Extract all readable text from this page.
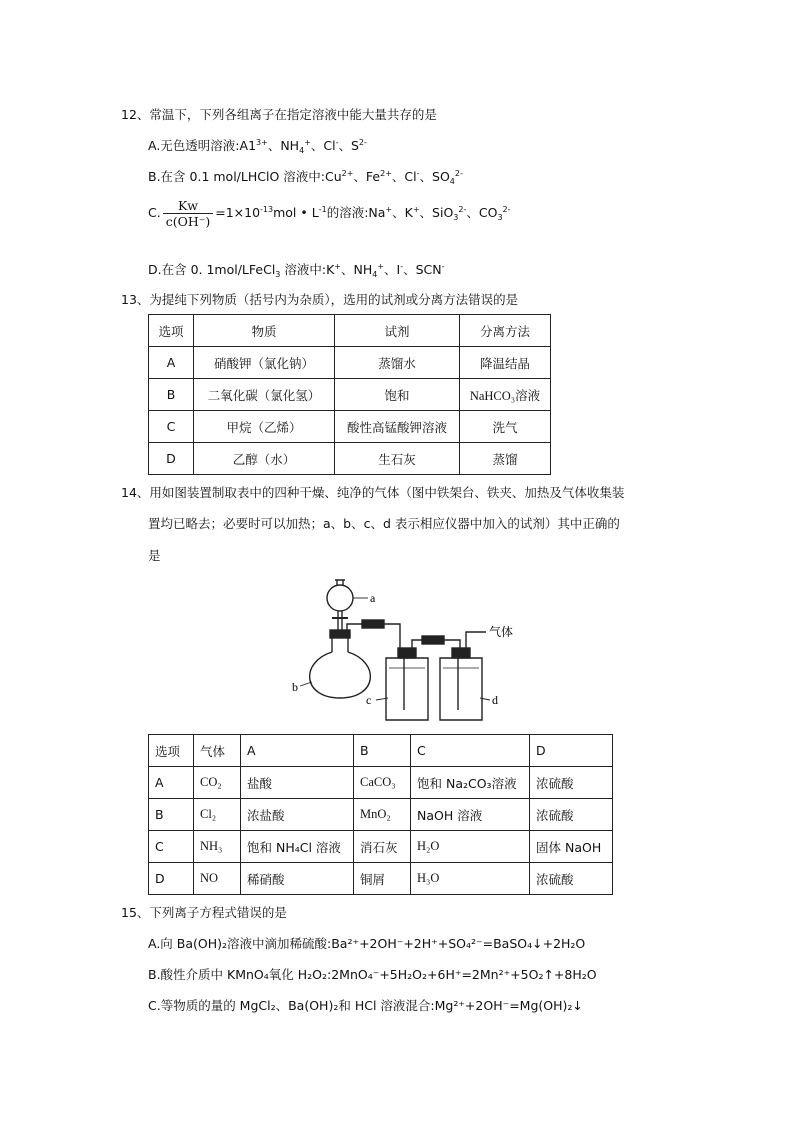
12、常温下，下列各组离子在指定溶液中能大量共存的是
A.无色透明溶液$:A1^{3+}$、$NH_4^+$、Cl-、$S^{2-}$
B.在含 0.1 mol/LHClO 溶液中$:Cu^{2+}$、$Fe^{2+}$、Cl-、$SO_4^{2-}$
C. $\frac{Kw}{c(OH^-)} =1\times 10^{-13}mol$ • $L^{-1}$的溶液:Na+、K+、SiO$_3^{2-}$、$CO_3^{2-}$
D.在含 0. 1mol/LFeCl$_3$ 溶液中:K+、$NH_4^+$、I-、SCN-
13、为提纯下列物质（括号内为杂质），选用的试剂或分离方法错误的是
选项	物质	试剂	分离方法
A	硝酸钾（氯化钠）	蒸馏水	降温结晶
B	二氧化碳（氯化氢）	饱和	NaHCO₃溶液
C	甲烷（乙烯）	酸性高锰酸钾溶液	洗气
D	乙醇（水）	生石灰	蒸馏
14、用如图装置制取表中的四种干燥、纯净的气体（图中铁架台、铁夹、加热及气体收集装
置均已略去；必要时可以加热；a、b、c、d 表示相应仪器中加入的试剂）其中正确的
是
a
b
c	d
气体
选项	气体	A	B	C	D
A	CO₂	盐酸	CaCO₃	饱和 Na₂CO₃溶液	浓硫酸
B	Cl₂	浓盐酸	MnO₂	NaOH 溶液	浓硫酸
C	NH₃	饱和 NH₄Cl 溶液	消石灰	H₂O	固体 NaOH
D	NO	稀硝酸	铜屑	H₃O	浓硫酸
15、下列离子方程式错误的是
A.向 Ba(OH)₂溶液中滴加稀硫酸:Ba²⁺+2OH⁻+2H⁺+SO₄²⁻=BaSO₄↓+2H₂O
B.酸性介质中 KMnO₄氧化 H₂O₂:2MnO₄⁻+5H₂O₂+6H⁺=2Mn²⁺+5O₂↑+8H₂O
C.等物质的量的 MgCl₂、Ba(OH)₂和 HCl 溶液混合:Mg²⁺+2OH⁻=Mg(OH)₂↓
